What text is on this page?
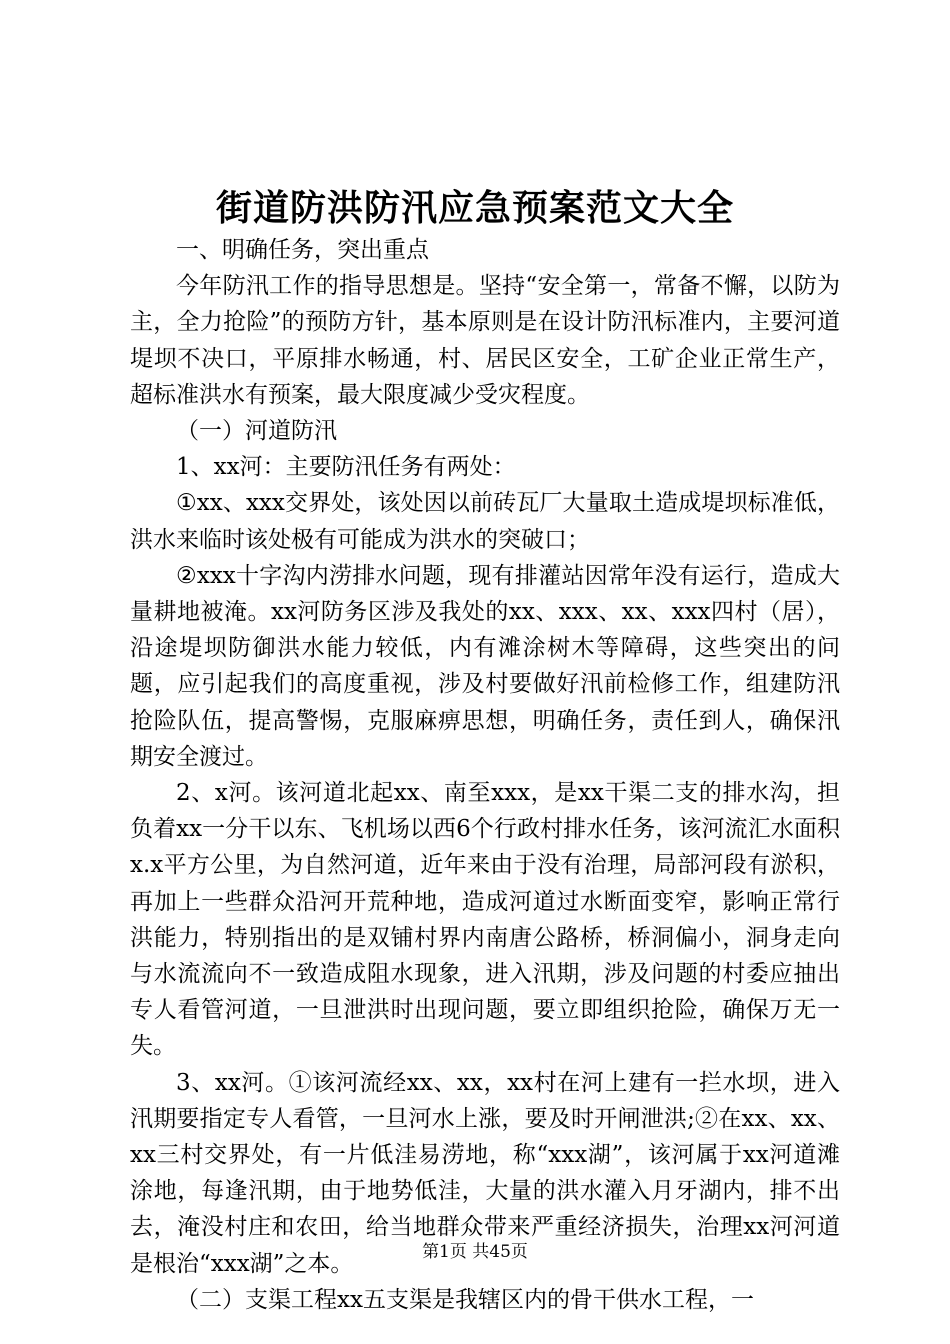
街道防洪防汛应急预案范文大全

一、明确任务，突出重点

今年防汛工作的指导思想是。坚持“安全第一，常备不懈，以防为主，全力抢险”的预防方针，基本原则是在设计防汛标准内，主要河道堤坝不决口，平原排水畅通，村、居民区安全，工矿企业正常生产，超标准洪水有预案，最大限度减少受灾程度。

（一）河道防汛

1、xx河：主要防汛任务有两处：

①xx、xxx交界处，该处因以前砖瓦厂大量取土造成堤坝标准低，洪水来临时该处极有可能成为洪水的突破口；

②xxx十字沟内涝排水问题，现有排灌站因常年没有运行，造成大量耕地被淹。xx河防务区涉及我处的xx、xxx、xx、xxx四村（居），沿途堤坝防御洪水能力较低，内有滩涂树木等障碍，这些突出的问题，应引起我们的高度重视，涉及村要做好汛前检修工作，组建防汛抢险队伍，提高警惕，克服麻痹思想，明确任务，责任到人，确保汛期安全渡过。

2、x河。该河道北起xx、南至xxx，是xx干渠二支的排水沟，担负着xx一分干以东、飞机场以西6个行政村排水任务，该河流汇水面积x.x平方公里，为自然河道，近年来由于没有治理，局部河段有淤积，再加上一些群众沿河开荒种地，造成河道过水断面变窄，影响正常行洪能力，特别指出的是双铺村界内南唐公路桥，桥洞偏小，洞身走向与水流流向不一致造成阻水现象，进入汛期，涉及问题的村委应抽出专人看管河道，一旦泄洪时出现问题，要立即组织抢险，确保万无一失。

3、xx河。①该河流经xx、xx，xx村在河上建有一拦水坝，进入汛期要指定专人看管，一旦河水上涨，要及时开闸泄洪;②在xx、xx、xx三村交界处，有一片低洼易涝地，称“xxx湖”，该河属于xx河道滩涂地，每逢汛期，由于地势低洼，大量的洪水灌入月牙湖内，排不出去，淹没村庄和农田，给当地群众带来严重经济损失，治理xx河河道是根治“xxx湖”之本。

（二）支渠工程xx五支渠是我辖区内的骨干供水工程，一

第1页 共45页
